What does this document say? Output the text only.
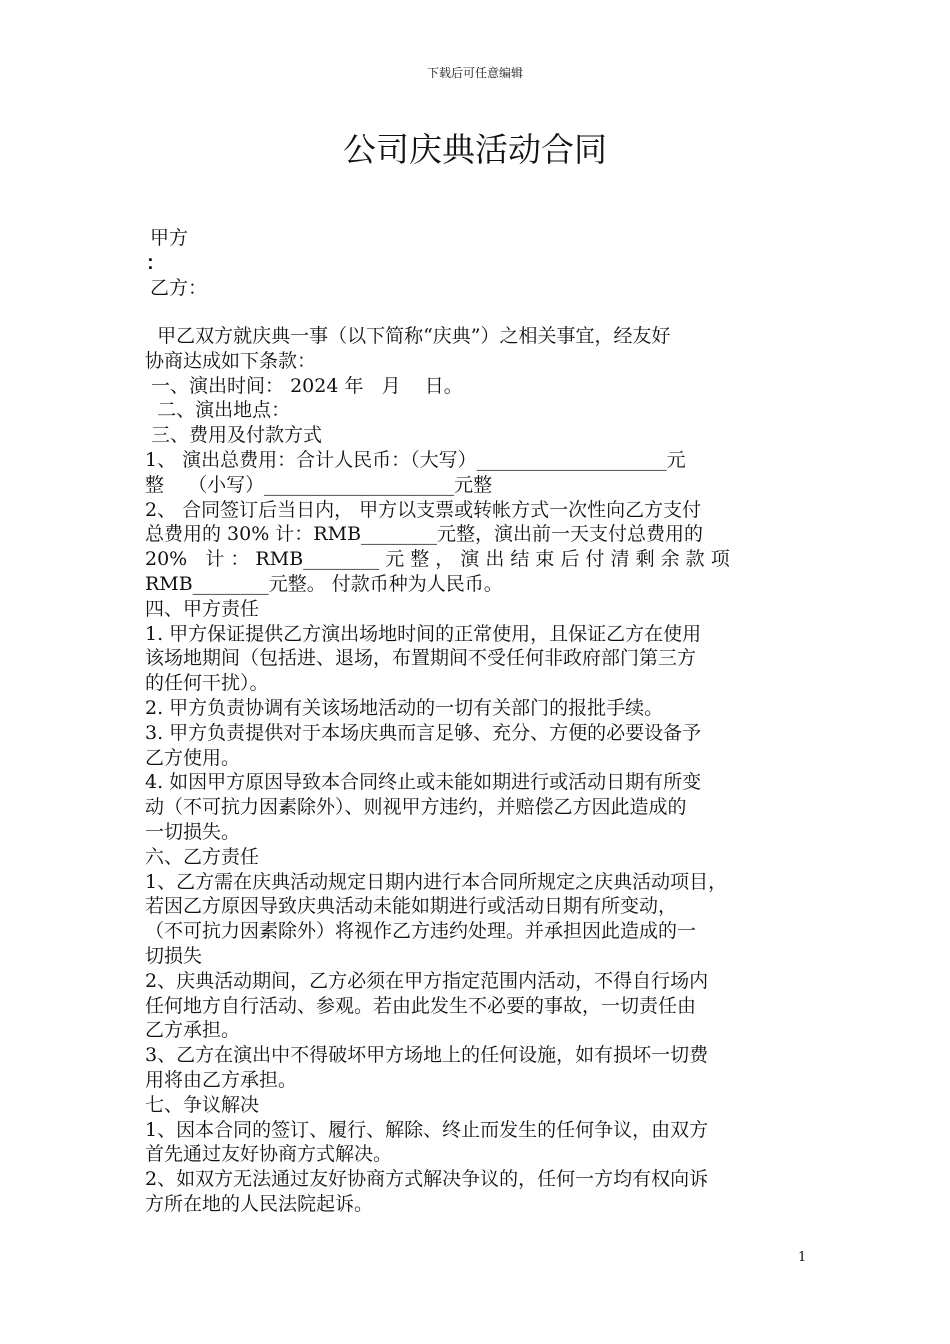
下载后可任意编辑
公司庆典活动合同
甲方
：
乙方：
甲乙双方就庆典一事（以下简称“庆典”）之相关事宜，经友好
协商达成如下条款：
一、演出时间： 2024 年   月    日。
二、演出地点：
三、费用及付款方式
1、 演出总费用：合计人民币：（大写）____________________元
整    （小写）____________________元整
2、 合同签订后当日内， 甲方以支票或转帐方式一次性向乙方支付
总费用的 30% 计：RMB________元整，演出前一天支付总费用的
20%   计 ： RMB________ 元 整 ， 演 出 结 束 后 付 清 剩 余 款 项
RMB________元整。 付款币种为人民币。
四、甲方责任
1. 甲方保证提供乙方演出场地时间的正常使用，且保证乙方在使用
该场地期间（包括进、退场，布置期间不受任何非政府部门第三方
的任何干扰）。
2. 甲方负责协调有关该场地活动的一切有关部门的报批手续。
3. 甲方负责提供对于本场庆典而言足够、充分、方便的必要设备予
乙方使用。
4. 如因甲方原因导致本合同终止或未能如期进行或活动日期有所变
动（不可抗力因素除外）、则视甲方违约，并赔偿乙方因此造成的
一切损失。
六、乙方责任
1、乙方需在庆典活动规定日期内进行本合同所规定之庆典活动项目，
若因乙方原因导致庆典活动未能如期进行或活动日期有所变动，
（不可抗力因素除外）将视作乙方违约处理。并承担因此造成的一
切损失
2、庆典活动期间，乙方必须在甲方指定范围内活动，不得自行场内
任何地方自行活动、参观。若由此发生不必要的事故，一切责任由
乙方承担。
3、乙方在演出中不得破坏甲方场地上的任何设施，如有损坏一切费
用将由乙方承担。
七、争议解决
1、因本合同的签订、履行、解除、终止而发生的任何争议，由双方
首先通过友好协商方式解决。
2、如双方无法通过友好协商方式解决争议的，任何一方均有权向诉
方所在地的人民法院起诉。
1
